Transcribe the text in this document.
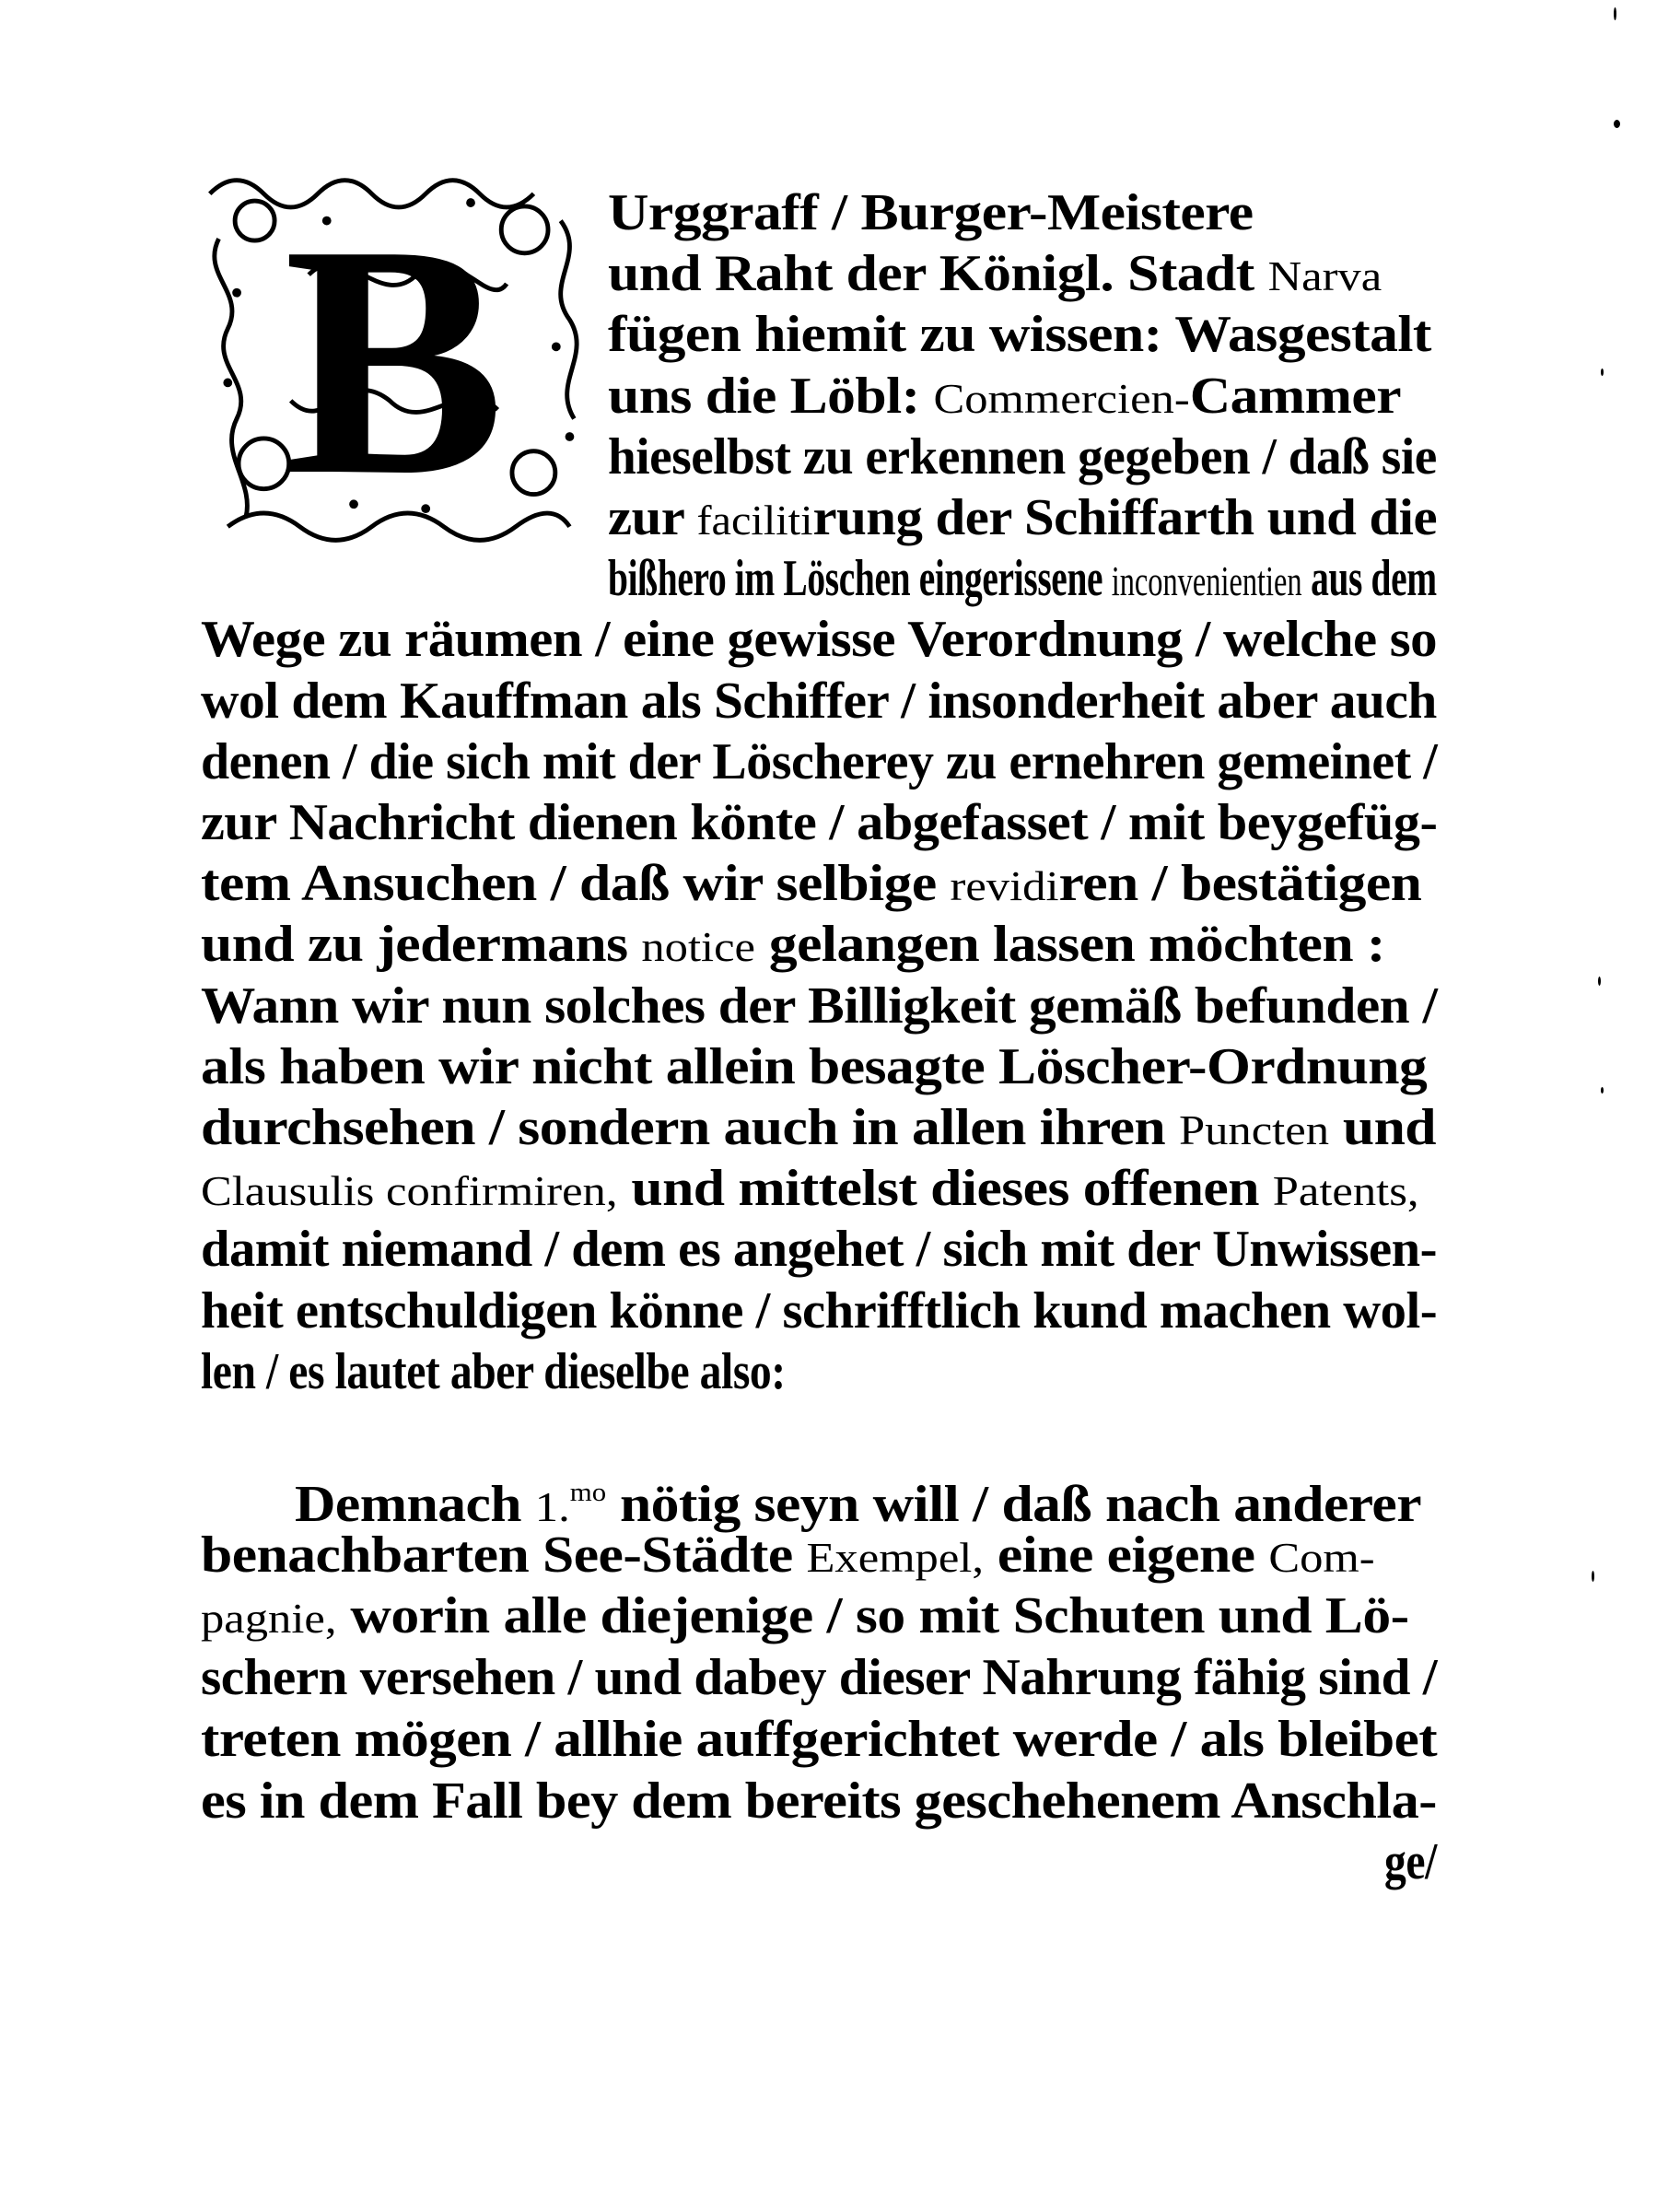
B	Urggraff / Burger-Meistere
und Raht der Königl. Stadt Narva
fügen hiemit zu wissen: Wasgestalt
uns die Löbl: Commercien-Cammer
hieselbst zu erkennen gegeben / daß sie
zur facilitirung der Schiffarth und die
bißhero im Löschen eingerissene inconvenientien aus dem
Wege zu räumen / eine gewisse Verordnung / welche so
wol dem Kauffman als Schiffer / insonderheit aber auch
denen / die sich mit der Löscherey zu ernehren gemeinet /
zur Nachricht dienen könte / abgefasset / mit beygefüg-
tem Ansuchen / daß wir selbige revidiren / bestätigen
und zu jedermans notice gelangen lassen möchten :
Wann wir nun solches der Billigkeit gemäß befunden /
als haben wir nicht allein besagte Löscher-Ordnung
durchsehen / sondern auch in allen ihren Puncten und
Clausulis confirmiren, und mittelst dieses offenen Patents,
damit niemand / dem es angehet / sich mit der Unwissen-
heit entschuldigen könne / schrifftlich kund machen wol-
len / es lautet aber dieselbe also:
Demnach 1.mo nötig seyn will / daß nach anderer
benachbarten See-Städte Exempel, eine eigene Com-
pagnie, worin alle diejenige / so mit Schuten und Lö-
schern versehen / und dabey dieser Nahrung fähig sind /
treten mögen / allhie auffgerichtet werde / als bleibet
es in dem Fall bey dem bereits geschehenem Anschla-
ge/
